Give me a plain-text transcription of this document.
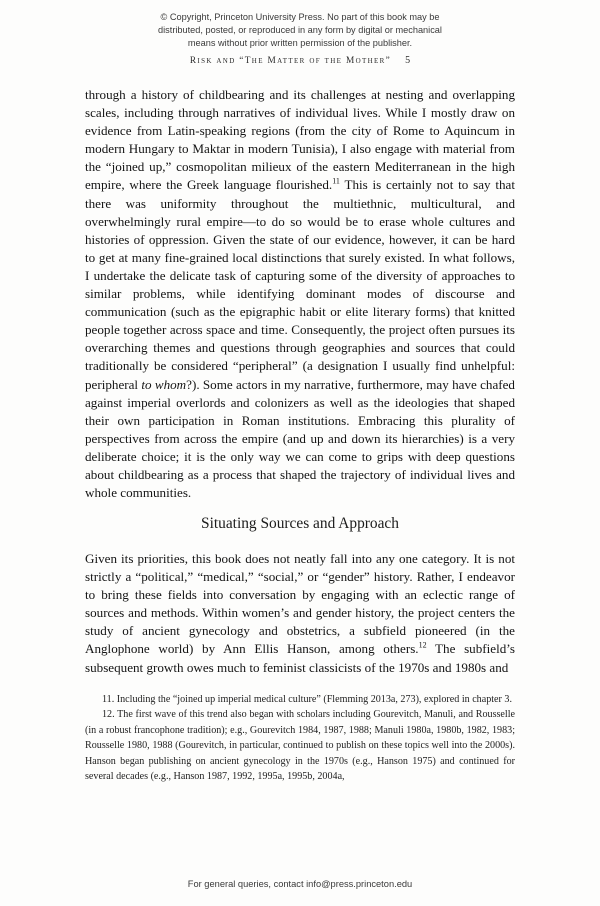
© Copyright, Princeton University Press. No part of this book may be
distributed, posted, or reproduced in any form by digital or mechanical
means without prior written permission of the publisher.
Risk and “The Matter of the Mother” 5

through a history of childbearing and its challenges at nesting and overlapping scales, including through narratives of individual lives. While I mostly draw on evidence from Latin-speaking regions (from the city of Rome to Aquincum in modern Hungary to Maktar in modern Tunisia), I also engage with material from the “joined up,” cosmopolitan milieux of the eastern Mediterranean in the high empire, where the Greek language flourished.$^{11}$ This is certainly not to say that there was uniformity throughout the multiethnic, multicultural, and overwhelmingly rural empire—to do so would be to erase whole cultures and histories of oppression. Given the state of our evidence, however, it can be hard to get at many fine-grained local distinctions that surely existed. In what follows, I undertake the delicate task of capturing some of the diversity of approaches to similar problems, while identifying dominant modes of discourse and communication (such as the epigraphic habit or elite literary forms) that knitted people together across space and time. Consequently, the project often pursues its overarching themes and questions through geographies and sources that could traditionally be considered “peripheral” (a designation I usually find unhelpful: peripheral to whom?). Some actors in my narrative, furthermore, may have chafed against imperial overlords and colonizers as well as the ideologies that shaped their own participation in Roman institutions. Embracing this plurality of perspectives from across the empire (and up and down its hierarchies) is a very deliberate choice; it is the only way we can come to grips with deep questions about childbearing as a process that shaped the trajectory of individual lives and whole communities.

Situating Sources and Approach

Given its priorities, this book does not neatly fall into any one category. It is not strictly a “political,” “medical,” “social,” or “gender” history. Rather, I endeavor to bring these fields into conversation by engaging with an eclectic range of sources and methods. Within women’s and gender history, the project centers the study of ancient gynecology and obstetrics, a subfield pioneered (in the Anglophone world) by Ann Ellis Hanson, among others.$^{12}$ The subfield’s subsequent growth owes much to feminist classicists of the 1970s and 1980s and

11. Including the “joined up imperial medical culture” (Flemming 2013a, 273), explored in chapter 3.

12. The first wave of this trend also began with scholars including Gourevitch, Manuli, and Rousselle (in a robust francophone tradition); e.g., Gourevitch 1984, 1987, 1988; Manuli 1980a, 1980b, 1982, 1983; Rousselle 1980, 1988 (Gourevitch, in particular, continued to publish on these topics well into the 2000s). Hanson began publishing on ancient gynecology in the 1970s (e.g., Hanson 1975) and continued for several decades (e.g., Hanson 1987, 1992, 1995a, 1995b, 2004a,

For general queries, contact info@press.princeton.edu
